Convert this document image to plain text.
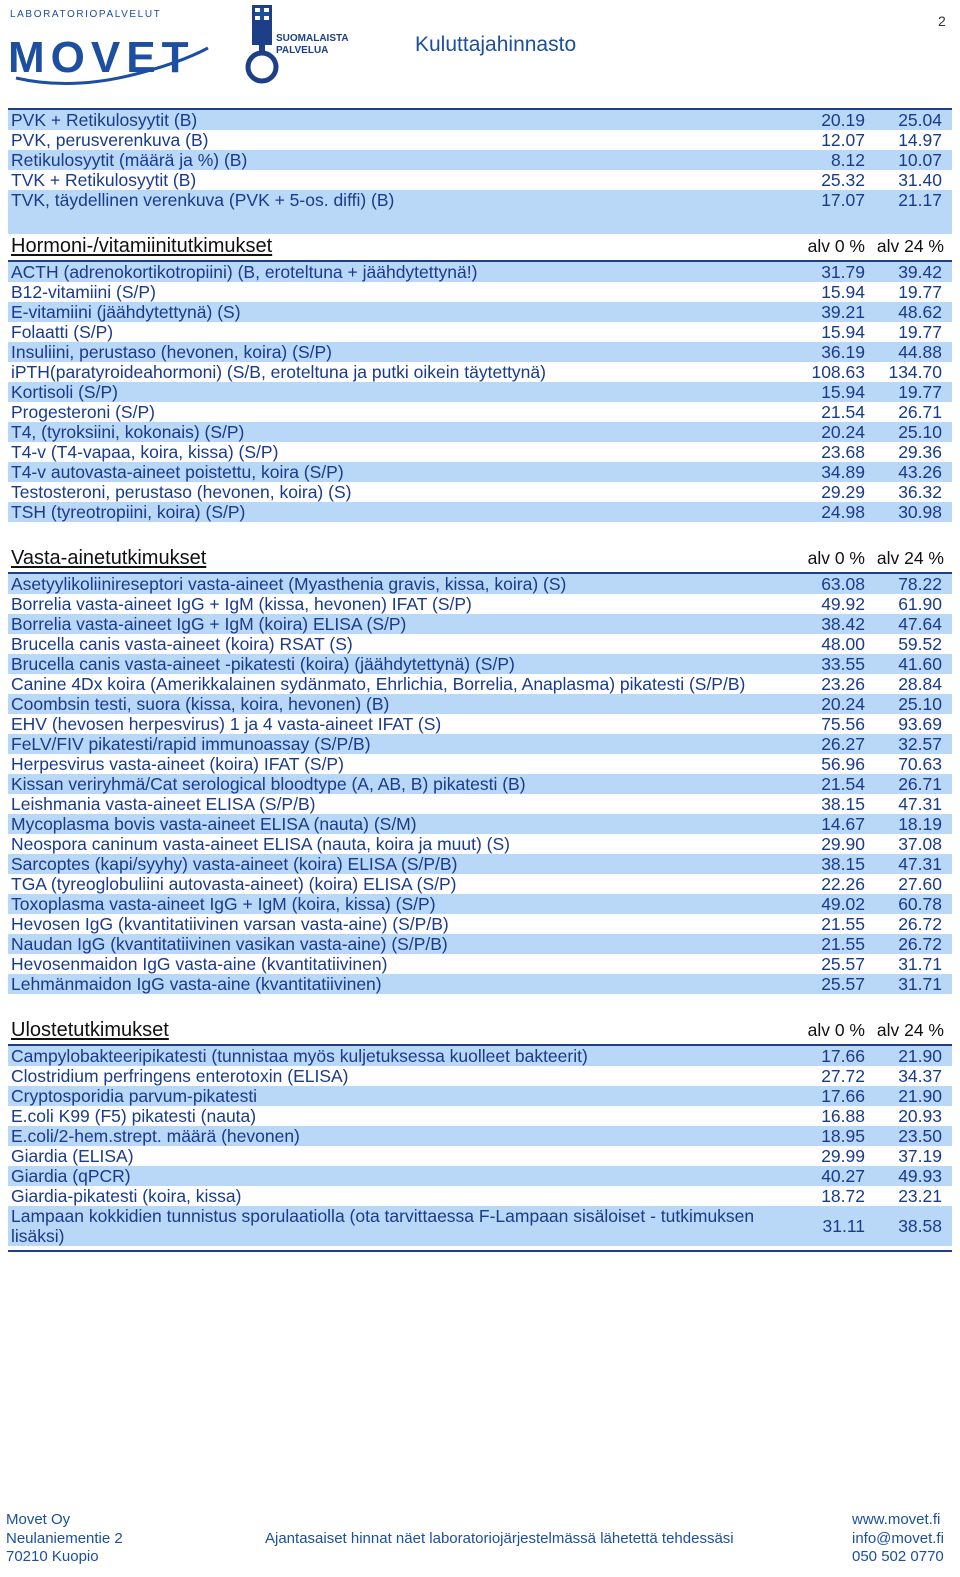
LABORATORIOPALVELUT
MOVET	SUOMALAISTA
PALVELUA	Kuluttajahinnasto
2
PVK + Retikulosyytit (B)	20.19	25.04
PVK, perusverenkuva (B)	12.07	14.97
Retikulosyytit (määrä ja %) (B)	8.12	10.07
TVK + Retikulosyytit (B)	25.32	31.40
TVK, täydellinen verenkuva (PVK + 5-os. diffi) (B)	17.07	21.17
Hormoni-/vitamiinitutkimukset	alv 0 % alv 24 %
ACTH (adrenokortikotropiini) (B, eroteltuna + jäähdytettynä!)	31.79	39.42
B12-vitamiini (S/P)	15.94	19.77
E-vitamiini (jäähdytettynä) (S)	39.21	48.62
Folaatti (S/P)	15.94	19.77
Insuliini, perustaso (hevonen, koira) (S/P)	36.19	44.88
iPTH(paratyroideahormoni) (S/B, eroteltuna ja putki oikein täytettynä)	108.63	134.70
Kortisoli (S/P)	15.94	19.77
Progesteroni (S/P)	21.54	26.71
T4, (tyroksiini, kokonais) (S/P)	20.24	25.10
T4-v (T4-vapaa, koira, kissa) (S/P)	23.68	29.36
T4-v autovasta-aineet poistettu, koira (S/P)	34.89	43.26
Testosteroni, perustaso (hevonen, koira) (S)	29.29	36.32
TSH (tyreotropiini, koira) (S/P)	24.98	30.98
Vasta-ainetutkimukset	alv 0 % alv 24 %
Asetyylikoliinireseptori vasta-aineet (Myasthenia gravis, kissa, koira) (S)	63.08	78.22
Borrelia vasta-aineet IgG + IgM (kissa, hevonen) IFAT (S/P)	49.92	61.90
Borrelia vasta-aineet IgG + IgM (koira) ELISA (S/P)	38.42	47.64
Brucella canis vasta-aineet (koira) RSAT (S)	48.00	59.52
Brucella canis vasta-aineet -pikatesti (koira) (jäähdytettynä) (S/P)	33.55	41.60
Canine 4Dx koira (Amerikkalainen sydänmato, Ehrlichia, Borrelia, Anaplasma) pikatesti (S/P/B)	23.26	28.84
Coombsin testi, suora (kissa, koira, hevonen) (B)	20.24	25.10
EHV (hevosen herpesvirus) 1 ja 4 vasta-aineet IFAT (S)	75.56	93.69
FeLV/FIV pikatesti/rapid immunoassay (S/P/B)	26.27	32.57
Herpesvirus vasta-aineet (koira) IFAT (S/P)	56.96	70.63
Kissan veriryhmä/Cat serological bloodtype (A, AB, B) pikatesti (B)	21.54	26.71
Leishmania vasta-aineet ELISA (S/P/B)	38.15	47.31
Mycoplasma bovis vasta-aineet ELISA (nauta) (S/M)	14.67	18.19
Neospora caninum vasta-aineet ELISA (nauta, koira ja muut) (S)	29.90	37.08
Sarcoptes (kapi/syyhy) vasta-aineet (koira) ELISA (S/P/B)	38.15	47.31
TGA (tyreoglobuliini autovasta-aineet) (koira) ELISA (S/P)	22.26	27.60
Toxoplasma vasta-aineet IgG + IgM (koira, kissa) (S/P)	49.02	60.78
Hevosen IgG (kvantitatiivinen varsan vasta-aine) (S/P/B)	21.55	26.72
Naudan IgG (kvantitatiivinen vasikan vasta-aine) (S/P/B)	21.55	26.72
Hevosenmaidon IgG vasta-aine (kvantitatiivinen)	25.57	31.71
Lehmänmaidon IgG vasta-aine (kvantitatiivinen)	25.57	31.71
Ulostetutkimukset	alv 0 % alv 24 %
Campylobakteeripikatesti (tunnistaa myös kuljetuksessa kuolleet bakteerit)	17.66	21.90
Clostridium perfringens enterotoxin (ELISA)	27.72	34.37
Cryptosporidia parvum-pikatesti	17.66	21.90
E.coli K99 (F5) pikatesti (nauta)	16.88	20.93
E.coli/2-hem.strept. määrä (hevonen)	18.95	23.50
Giardia (ELISA)	29.99	37.19
Giardia (qPCR)	40.27	49.93
Giardia-pikatesti (koira, kissa)	18.72	23.21
Lampaan kokkidien tunnistus sporulaatiolla (ota tarvittaessa F-Lampaan sisäloiset - tutkimuksen lisäksi)	31.11	38.58
Movet Oy
Neulaniementie 2
70210 Kuopio
Ajantasaiset hinnat näet laboratoriojärjestelmässä lähetettä tehdessäsi
www.movet.fi
info@movet.fi
050 502 0770
